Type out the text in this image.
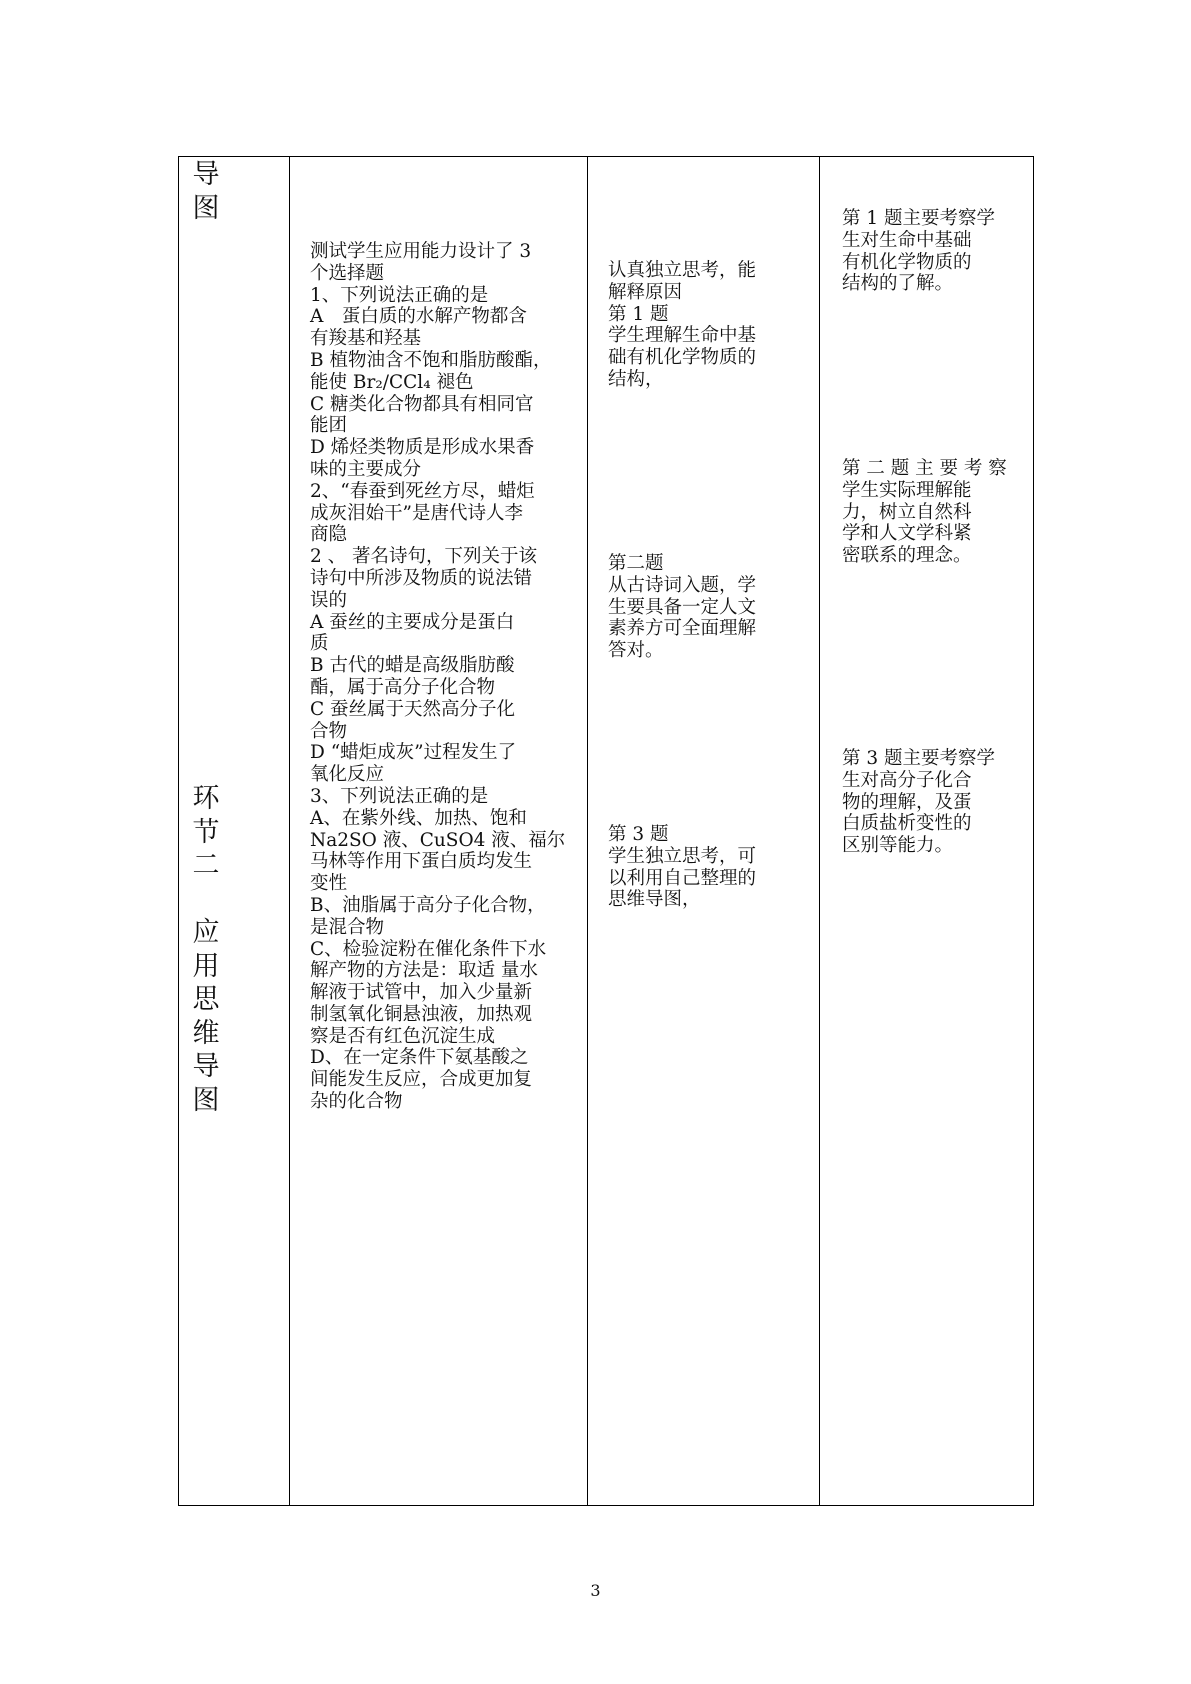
导
图
环
节
二

应
用
思
维
导
图
测试学生应用能力设计了 3
个选择题
1、下列说法正确的是
A　蛋白质的水解产物都含
有羧基和羟基
B 植物油含不饱和脂肪酸酯，
能使 Br₂/CCl₄ 褪色
C 糖类化合物都具有相同官
能团
D 烯烃类物质是形成水果香
味的主要成分
2、“春蚕到死丝方尽，蜡炬
成灰泪始干”是唐代诗人李
商隐
2 、 著名诗句，下列关于该
诗句中所涉及物质的说法错
误的
A 蚕丝的主要成分是蛋白
质
B 古代的蜡是高级脂肪酸
酯，属于高分子化合物
C 蚕丝属于天然高分子化
合物
D “蜡炬成灰”过程发生了
氧化反应
3、下列说法正确的是
A、在紫外线、加热、饱和
Na2SO 液、CuSO4 液、福尔
马林等作用下蛋白质均发生
变性
B、油脂属于高分子化合物，
是混合物
C、检验淀粉在催化条件下水
解产物的方法是：取适 量水
解液于试管中，加入少量新
制氢氧化铜悬浊液，加热观
察是否有红色沉淀生成
D、在一定条件下氨基酸之
间能发生反应，合成更加复
杂的化合物
认真独立思考，能
解释原因
第 1 题
学生理解生命中基
础有机化学物质的
结构，
第二题
从古诗词入题，学
生要具备一定人文
素养方可全面理解
答对。
第 3 题
学生独立思考，可
以利用自己整理的
思维导图，
第 1 题主要考察学
生对生命中基础
有机化学物质的
结构的了解。
第 二 题 主 要 考 察
学生实际理解能
力，树立自然科
学和人文学科紧
密联系的理念。
第 3 题主要考察学
生对高分子化合
物的理解，及蛋
白质盐析变性的
区别等能力。
3
